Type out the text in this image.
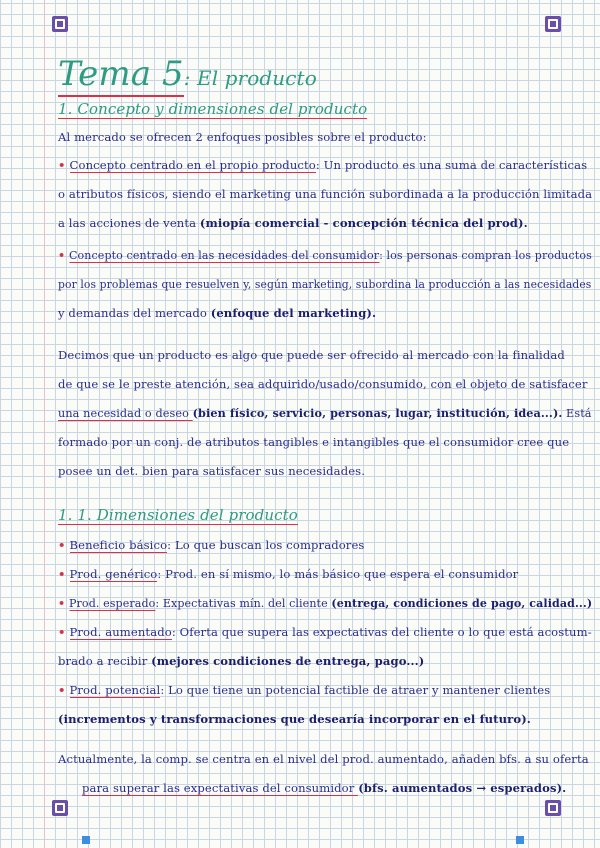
Tema 5: El producto
1. Concepto y dimensiones del producto
Al mercado se ofrecen 2 enfoques posibles sobre el producto:
• Concepto centrado en el propio producto: Un producto es una suma de características
o atributos físicos, siendo el marketing una función subordinada a la producción limitada
a las acciones de venta (miopía comercial - concepción técnica del prod).
• Concepto centrado en las necesidades del consumidor: los personas compran los productos
por los problemas que resuelven y, según marketing, subordina la producción a las necesidades
y demandas del mercado (enfoque del marketing).
Decimos que un producto es algo que puede ser ofrecido al mercado con la finalidad
de que se le preste atención, sea adquirido/usado/consumido, con el objeto de satisfacer
una necesidad o deseo (bien físico, servicio, personas, lugar, institución, idea...). Está
formado por un conj. de atributos tangibles e intangibles que el consumidor cree que
posee un det. bien para satisfacer sus necesidades.
1. 1. Dimensiones del producto
• Beneficio básico: Lo que buscan los compradores
• Prod. genérico: Prod. en sí mismo, lo más básico que espera el consumidor
• Prod. esperado: Expectativas mín. del cliente (entrega, condiciones de pago, calidad...)
• Prod. aumentado: Oferta que supera las expectativas del cliente o lo que está acostum-
brado a recibir (mejores condiciones de entrega, pago...)
• Prod. potencial: Lo que tiene un potencial factible de atraer y mantener clientes
(incrementos y transformaciones que desearía incorporar en el futuro).
Actualmente, la comp. se centra en el nivel del prod. aumentado, añaden bfs. a su oferta
para superar las expectativas del consumidor (bfs. aumentados → esperados).
